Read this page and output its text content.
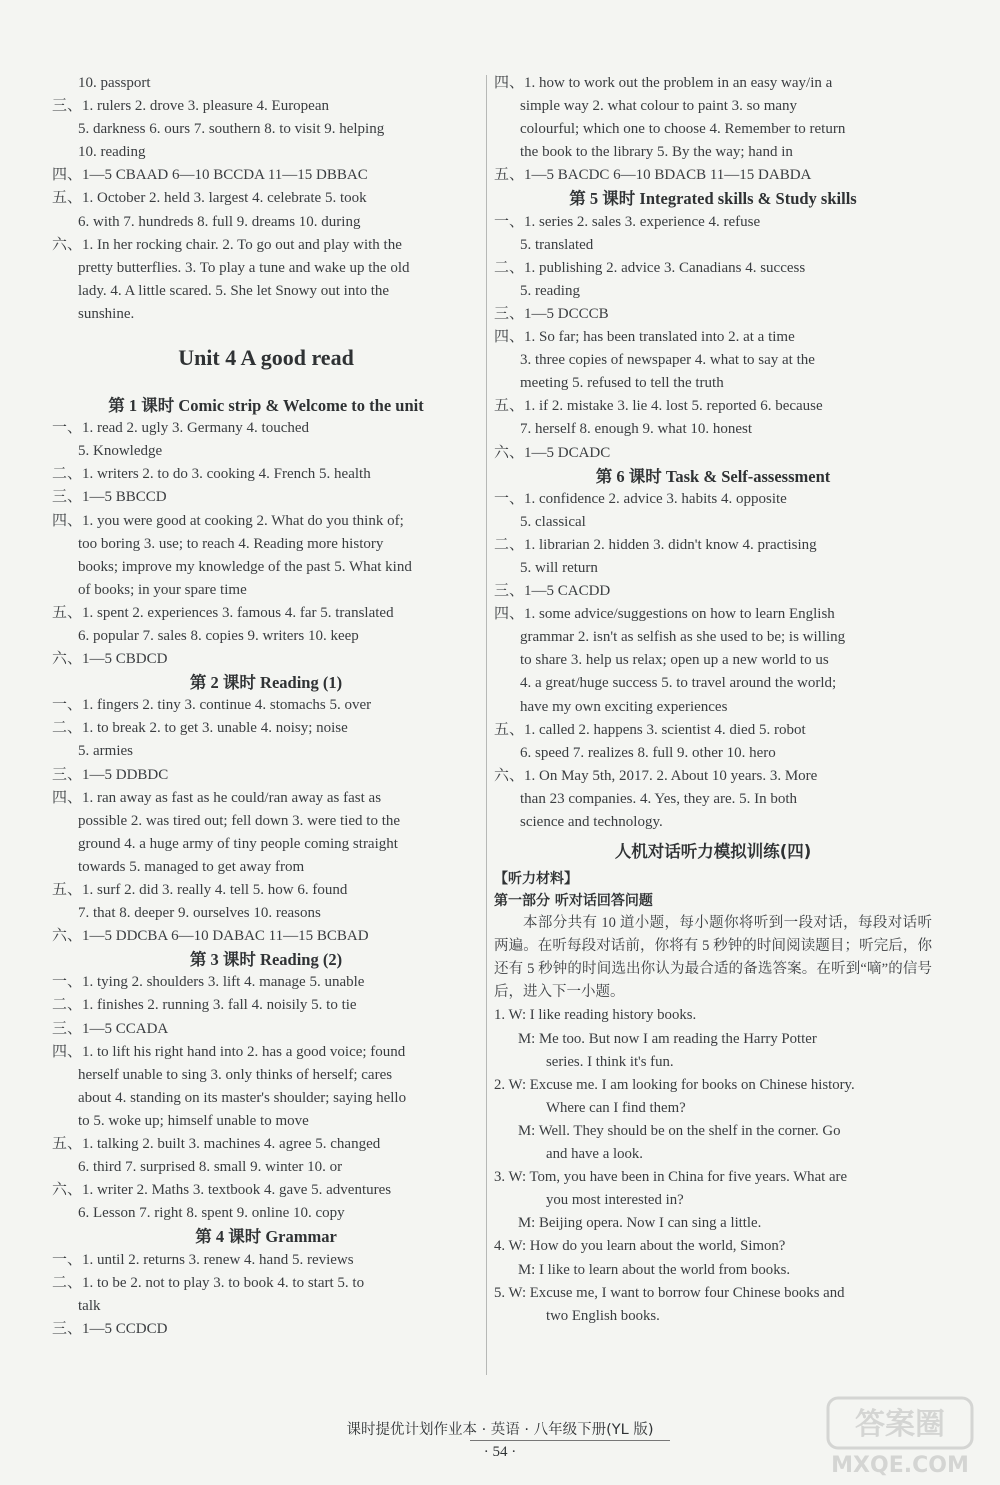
10. passport
三、1. rulers 2. drove 3. pleasure 4. European
5. darkness 6. ours 7. southern 8. to visit 9. helping
10. reading
四、1—5 CBAAD 6—10 BCCDA 11—15 DBBAC
五、1. October 2. held 3. largest 4. celebrate 5. took
6. with 7. hundreds 8. full 9. dreams 10. during
六、1. In her rocking chair. 2. To go out and play with the
pretty butterflies. 3. To play a tune and wake up the old
lady. 4. A little scared. 5. She let Snowy out into the
sunshine.
Unit 4 A good read
第 1 课时 Comic strip & Welcome to the unit
一、1. read 2. ugly 3. Germany 4. touched
5. Knowledge
二、1. writers 2. to do 3. cooking 4. French 5. health
三、1—5 BBCCD
四、1. you were good at cooking 2. What do you think of;
too boring 3. use; to reach 4. Reading more history
books; improve my knowledge of the past 5. What kind
of books; in your spare time
五、1. spent 2. experiences 3. famous 4. far 5. translated
6. popular 7. sales 8. copies 9. writers 10. keep
六、1—5 CBDCD
第 2 课时 Reading (1)
一、1. fingers 2. tiny 3. continue 4. stomachs 5. over
二、1. to break 2. to get 3. unable 4. noisy; noise
5. armies
三、1—5 DDBDC
四、1. ran away as fast as he could/ran away as fast as
possible 2. was tired out; fell down 3. were tied to the
ground 4. a huge army of tiny people coming straight
towards 5. managed to get away from
五、1. surf 2. did 3. really 4. tell 5. how 6. found
7. that 8. deeper 9. ourselves 10. reasons
六、1—5 DDCBA 6—10 DABAC 11—15 BCBAD
第 3 课时 Reading (2)
一、1. tying 2. shoulders 3. lift 4. manage 5. unable
二、1. finishes 2. running 3. fall 4. noisily 5. to tie
三、1—5 CCADA
四、1. to lift his right hand into 2. has a good voice; found
herself unable to sing 3. only thinks of herself; cares
about 4. standing on its master's shoulder; saying hello
to 5. woke up; himself unable to move
五、1. talking 2. built 3. machines 4. agree 5. changed
6. third 7. surprised 8. small 9. winter 10. or
六、1. writer 2. Maths 3. textbook 4. gave 5. adventures
6. Lesson 7. right 8. spent 9. online 10. copy
第 4 课时 Grammar
一、1. until 2. returns 3. renew 4. hand 5. reviews
二、1. to be 2. not to play 3. to book 4. to start 5. to
talk
三、1—5 CCDCD
四、1. how to work out the problem in an easy way/in a
simple way 2. what colour to paint 3. so many
colourful; which one to choose 4. Remember to return
the book to the library 5. By the way; hand in
五、1—5 BACDC 6—10 BDACB 11—15 DABDA
第 5 课时 Integrated skills & Study skills
一、1. series 2. sales 3. experience 4. refuse
5. translated
二、1. publishing 2. advice 3. Canadians 4. success
5. reading
三、1—5 DCCCB
四、1. So far; has been translated into 2. at a time
3. three copies of newspaper 4. what to say at the
meeting 5. refused to tell the truth
五、1. if 2. mistake 3. lie 4. lost 5. reported 6. because
7. herself 8. enough 9. what 10. honest
六、1—5 DCADC
第 6 课时 Task & Self-assessment
一、1. confidence 2. advice 3. habits 4. opposite
5. classical
二、1. librarian 2. hidden 3. didn't know 4. practising
5. will return
三、1—5 CACDD
四、1. some advice/suggestions on how to learn English
grammar 2. isn't as selfish as she used to be; is willing
to share 3. help us relax; open up a new world to us
4. a great/huge success 5. to travel around the world;
have my own exciting experiences
五、1. called 2. happens 3. scientist 4. died 5. robot
6. speed 7. realizes 8. full 9. other 10. hero
六、1. On May 5th, 2017. 2. About 10 years. 3. More
than 23 companies. 4. Yes, they are. 5. In both
science and technology.
人机对话听力模拟训练(四)
【听力材料】
第一部分 听对话回答问题
本部分共有 10 道小题，每小题你将听到一段对话，每段对话听两遍。在听每段对话前，你将有 5 秒钟的时间阅读题目；听完后，你还有 5 秒钟的时间选出你认为最合适的备选答案。在听到“嘀”的信号后，进入下一小题。
1. W: I like reading history books.
M: Me too. But now I am reading the Harry Potter
series. I think it's fun.
2. W: Excuse me. I am looking for books on Chinese history.
Where can I find them?
M: Well. They should be on the shelf in the corner. Go
and have a look.
3. W: Tom, you have been in China for five years. What are
you most interested in?
M: Beijing opera. Now I can sing a little.
4. W: How do you learn about the world, Simon?
M: I like to learn about the world from books.
5. W: Excuse me, I want to borrow four Chinese books and
two English books.
课时提优计划作业本 · 英语 · 八年级下册(YL 版)
· 54 ·
答案圈
MXQE.COM
